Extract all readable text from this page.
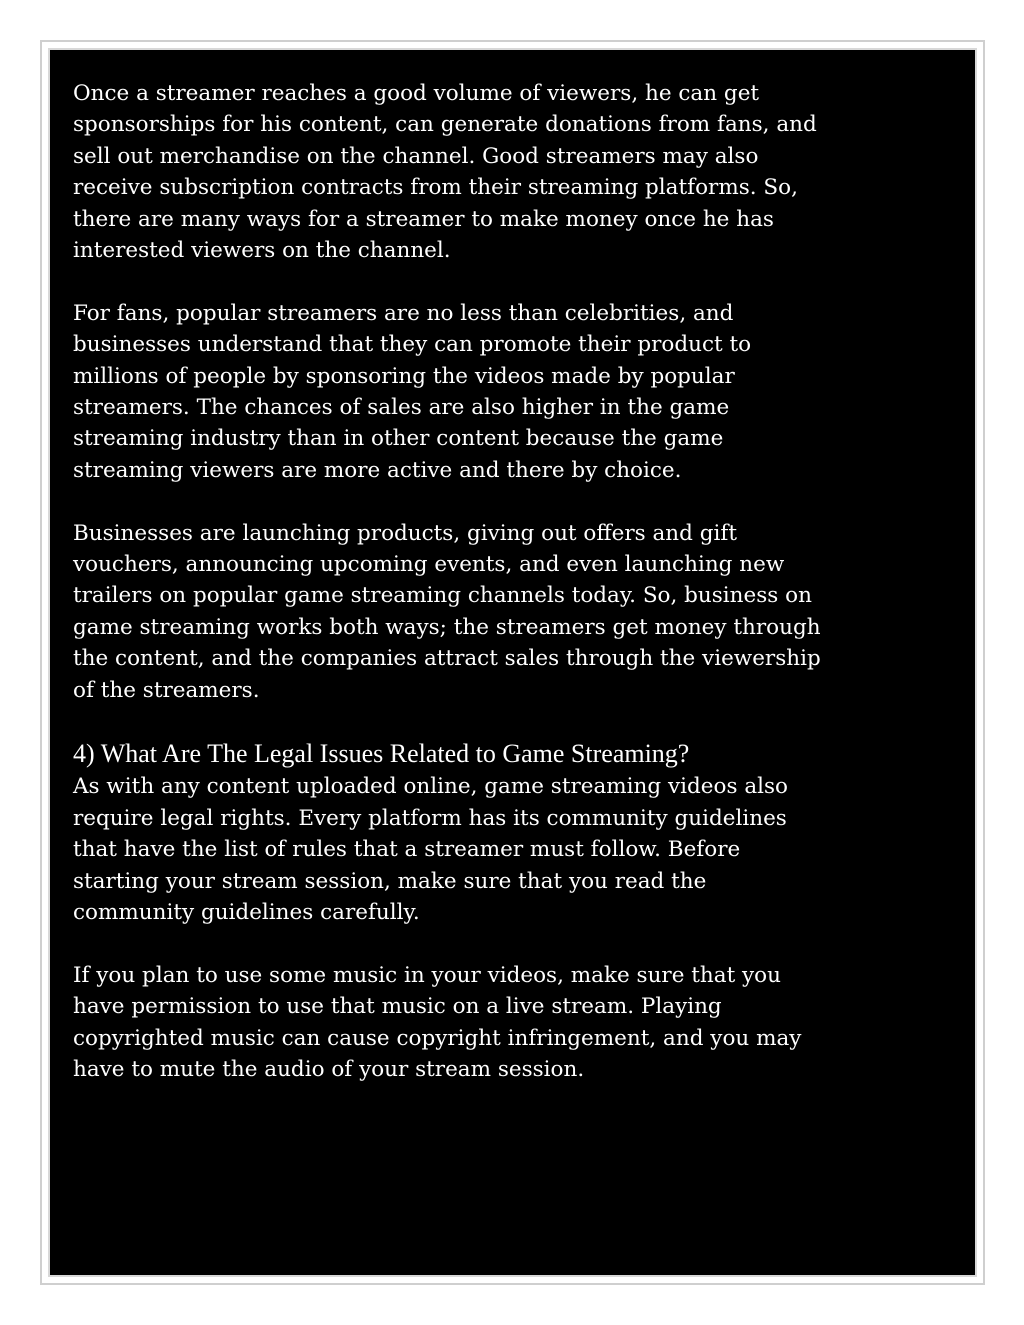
Once a streamer reaches a good volume of viewers, he can get
sponsorships for his content, can generate donations from fans, and
sell out merchandise on the channel. Good streamers may also
receive subscription contracts from their streaming platforms. So,
there are many ways for a streamer to make money once he has
interested viewers on the channel.

For fans, popular streamers are no less than celebrities, and
businesses understand that they can promote their product to
millions of people by sponsoring the videos made by popular
streamers. The chances of sales are also higher in the game
streaming industry than in other content because the game
streaming viewers are more active and there by choice.

Businesses are launching products, giving out offers and gift
vouchers, announcing upcoming events, and even launching new
trailers on popular game streaming channels today. So, business on
game streaming works both ways; the streamers get money through
the content, and the companies attract sales through the viewership
of the streamers.

4) What Are The Legal Issues Related to Game Streaming?

As with any content uploaded online, game streaming videos also
require legal rights. Every platform has its community guidelines
that have the list of rules that a streamer must follow. Before
starting your stream session, make sure that you read the
community guidelines carefully.

If you plan to use some music in your videos, make sure that you
have permission to use that music on a live stream. Playing
copyrighted music can cause copyright infringement, and you may
have to mute the audio of your stream session.
